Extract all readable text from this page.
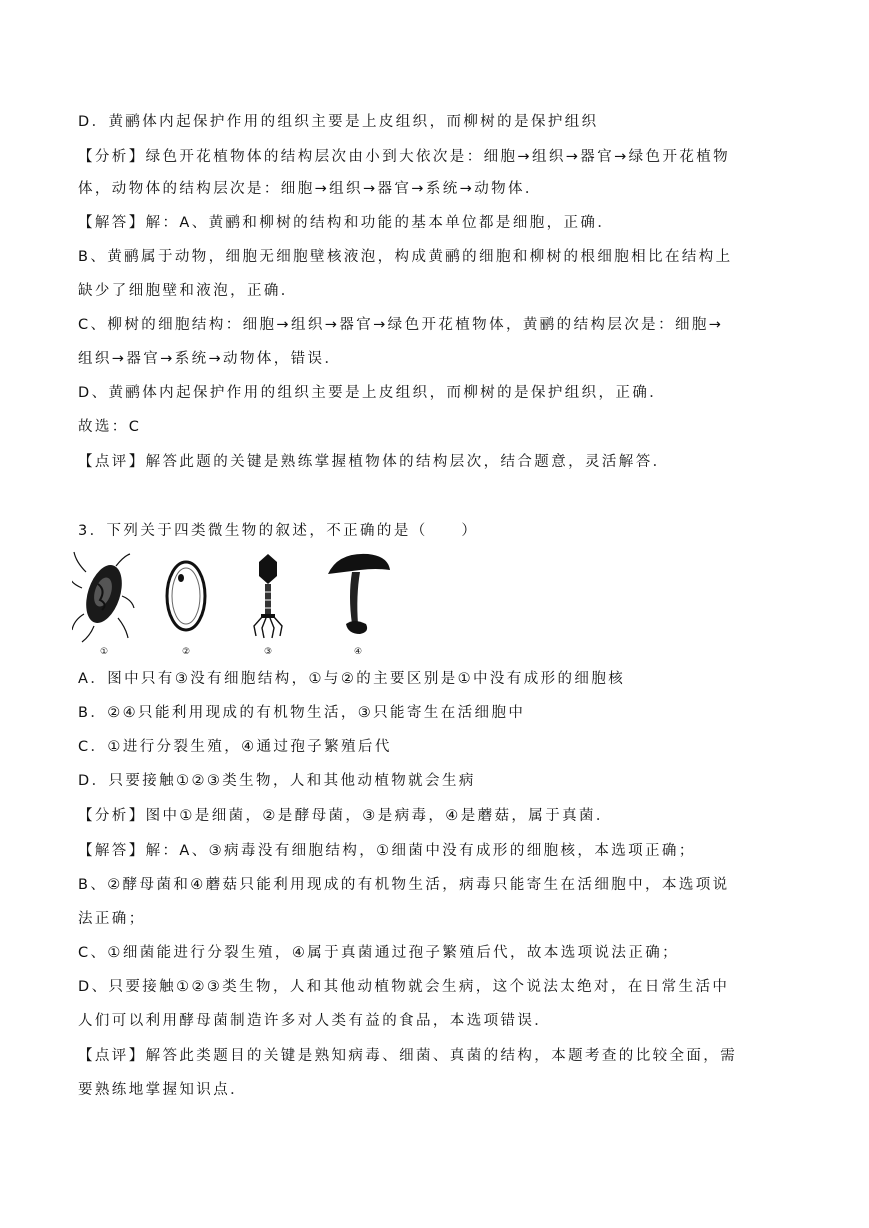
D．黄鹂体内起保护作用的组织主要是上皮组织，而柳树的是保护组织
【分析】绿色开花植物体的结构层次由小到大依次是：细胞→组织→器官→绿色开花植物
体，动物体的结构层次是：细胞→组织→器官→系统→动物体．
【解答】解：A、黄鹂和柳树的结构和功能的基本单位都是细胞，正确．
B、黄鹂属于动物，细胞无细胞壁核液泡，构成黄鹂的细胞和柳树的根细胞相比在结构上
缺少了细胞壁和液泡，正确．
C、柳树的细胞结构：细胞→组织→器官→绿色开花植物体，黄鹂的结构层次是：细胞→
组织→器官→系统→动物体，错误．
D、黄鹂体内起保护作用的组织主要是上皮组织，而柳树的是保护组织，正确．
故选：C
【点评】解答此题的关键是熟练掌握植物体的结构层次，结合题意，灵活解答．
3．下列关于四类微生物的叙述，不正确的是（　　）
①	②	③	④
A．图中只有③没有细胞结构，①与②的主要区别是①中没有成形的细胞核
B．②④只能利用现成的有机物生活，③只能寄生在活细胞中
C．①进行分裂生殖，④通过孢子繁殖后代
D．只要接触①②③类生物，人和其他动植物就会生病
【分析】图中①是细菌，②是酵母菌，③是病毒，④是蘑菇，属于真菌．
【解答】解：A、③病毒没有细胞结构，①细菌中没有成形的细胞核，本选项正确；
B、②酵母菌和④蘑菇只能利用现成的有机物生活，病毒只能寄生在活细胞中，本选项说
法正确；
C、①细菌能进行分裂生殖，④属于真菌通过孢子繁殖后代，故本选项说法正确；
D、只要接触①②③类生物，人和其他动植物就会生病，这个说法太绝对，在日常生活中
人们可以利用酵母菌制造许多对人类有益的食品，本选项错误．
【点评】解答此类题目的关键是熟知病毒、细菌、真菌的结构，本题考查的比较全面，需
要熟练地掌握知识点．
